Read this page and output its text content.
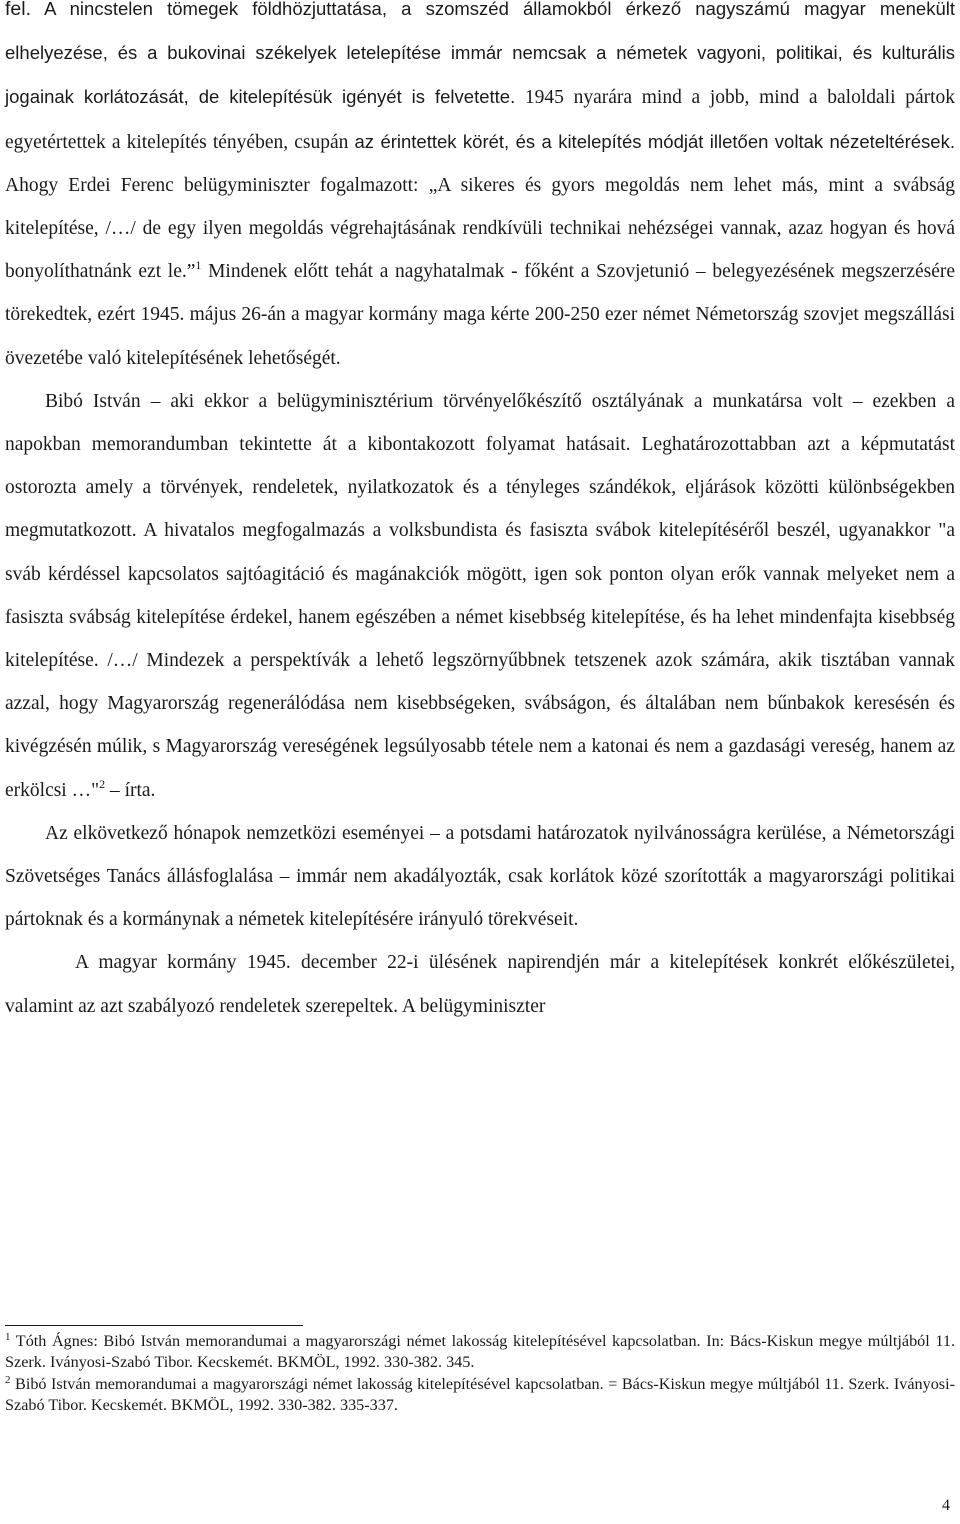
fel. A nincstelen tömegek földhözjuttatása, a szomszéd államokból érkező nagyszámú magyar menekült elhelyezése, és a bukovinai székelyek letelepítése immár nemcsak a németek vagyoni, politikai, és kulturális jogainak korlátozását, de kitelepítésük igényét is felvetette. 1945 nyarára mind a jobb, mind a baloldali pártok egyetértettek a kitelepítés tényében, csupán az érintettek körét, és a kitelepítés módját illetően voltak nézeteltérések. Ahogy Erdei Ferenc belügyminiszter fogalmazott: „A sikeres és gyors megoldás nem lehet más, mint a svábság kitelepítése, /…/ de egy ilyen megoldás végrehajtásának rendkívüli technikai nehézségei vannak, azaz hogyan és hová bonyolíthatnánk ezt le.”$^1$ Mindenek előtt tehát a nagyhatalmak - főként a Szovjetunió – belegyezésének megszerzésére törekedtek, ezért 1945. május 26-án a magyar kormány maga kérte 200-250 ezer német Németország szovjet megszállási övezetébe való kitelepítésének lehetőségét.

Bibó István – aki ekkor a belügyminisztérium törvényelőkészítő osztályának a munkatársa volt – ezekben a napokban memorandumban tekintette át a kibontakozott folyamat hatásait. Leghatározottabban azt a képmutatást ostorozta amely a törvények, rendeletek, nyilatkozatok és a tényleges szándékok, eljárások közötti különbségekben megmutatkozott. A hivatalos megfogalmazás a volksbundista és fasiszta svábok kitelepítéséről beszél, ugyanakkor "a sváb kérdéssel kapcsolatos sajtóagitáció és magánakciók mögött, igen sok ponton olyan erők vannak melyeket nem a fasiszta svábság kitelepítése érdekel, hanem egészében a német kisebbség kitelepítése, és ha lehet mindenfajta kisebbség kitelepítése. /…/ Mindezek a perspektívák a lehető legszörnyűbbnek tetszenek azok számára, akik tisztában vannak azzal, hogy Magyarország regenerálódása nem kisebbségeken, svábságon, és általában nem bűnbakok keresésén és kivégzésén múlik, s Magyarország vereségének legsúlyosabb tétele nem a katonai és nem a gazdasági vereség, hanem az erkölcsi …"$^2$ – írta.

Az elkövetkező hónapok nemzetközi eseményei – a potsdami határozatok nyilvánosságra kerülése, a Németországi Szövetséges Tanács állásfoglalása – immár nem akadályozták, csak korlátok közé szorították a magyarországi politikai pártoknak és a kormánynak a németek kitelepítésére irányuló törekvéseit.

A magyar kormány 1945. december 22-i ülésének napirendjén már a kitelepítések konkrét előkészületei, valamint az azt szabályozó rendeletek szerepeltek. A belügyminiszter

$^1$ Tóth Ágnes: Bibó István memorandumai a magyarországi német lakosság kitelepítésével kapcsolatban. In: Bács-Kiskun megye múltjából 11. Szerk. Iványosi-Szabó Tibor. Kecskemét. BKMÖL, 1992. 330-382. 345.

$^2$ Bibó István memorandumai a magyarországi német lakosság kitelepítésével kapcsolatban. = Bács-Kiskun megye múltjából 11. Szerk. Iványosi-Szabó Tibor. Kecskemét. BKMÖL, 1992. 330-382. 335-337.

4
